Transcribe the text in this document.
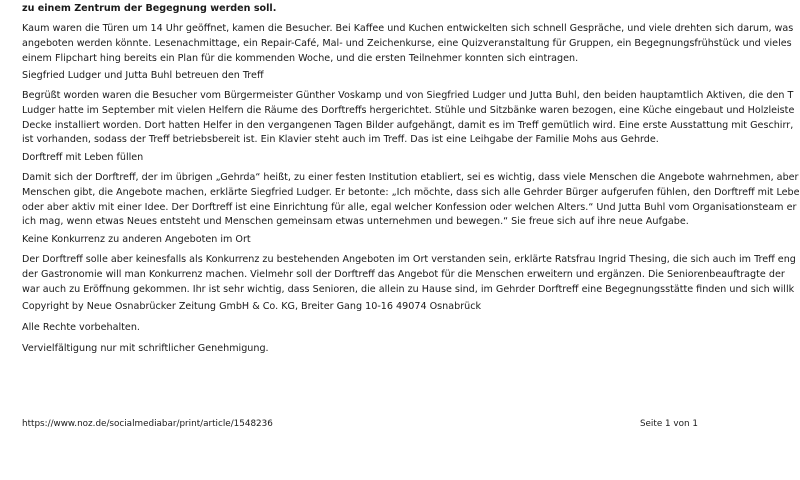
zu einem Zentrum der Begegnung werden soll.
Kaum waren die Türen um 14 Uhr geöffnet, kamen die Besucher. Bei Kaffee und Kuchen entwickelten sich schnell Gespräche, und viele drehten sich darum, was
angeboten werden könnte. Lesenachmittage, ein Repair-Café, Mal- und Zeichenkurse, eine Quizveranstaltung für Gruppen, ein Begegnungsfrühstück und vieles
einem Flipchart hing bereits ein Plan für die kommenden Woche, und die ersten Teilnehmer konnten sich eintragen.
Siegfried Ludger und Jutta Buhl betreuen den Treff
Begrüßt worden waren die Besucher vom Bürgermeister Günther Voskamp und von Siegfried Ludger und Jutta Buhl, den beiden hauptamtlich Aktiven, die den T
Ludger hatte im September mit vielen Helfern die Räume des Dorftreffs hergerichtet. Stühle und Sitzbänke waren bezogen, eine Küche eingebaut und Holzleiste
Decke installiert worden. Dort hatten Helfer in den vergangenen Tagen Bilder aufgehängt, damit es im Treff gemütlich wird. Eine erste Ausstattung mit Geschirr,
ist vorhanden, sodass der Treff betriebsbereit ist. Ein Klavier steht auch im Treff. Das ist eine Leihgabe der Familie Mohs aus Gehrde.
Dorftreff mit Leben füllen
Damit sich der Dorftreff, der im übrigen „Gehrda“ heißt, zu einer festen Institution etabliert, sei es wichtig, dass viele Menschen die Angebote wahrnehmen, aber
Menschen gibt, die Angebote machen, erklärte Siegfried Ludger. Er betonte: „Ich möchte, dass sich alle Gehrder Bürger aufgerufen fühlen, den Dorftreff mit Lebe
oder aber aktiv mit einer Idee. Der Dorftreff ist eine Einrichtung für alle, egal welcher Konfession oder welchen Alters.“ Und Jutta Buhl vom Organisationsteam er
ich mag, wenn etwas Neues entsteht und Menschen gemeinsam etwas unternehmen und bewegen.“ Sie freue sich auf ihre neue Aufgabe.
Keine Konkurrenz zu anderen Angeboten im Ort
Der Dorftreff solle aber keinesfalls als Konkurrenz zu bestehenden Angeboten im Ort verstanden sein, erklärte Ratsfrau Ingrid Thesing, die sich auch im Treff eng
der Gastronomie will man Konkurrenz machen. Vielmehr soll der Dorftreff das Angebot für die Menschen erweitern und ergänzen. Die Seniorenbeauftragte der
war auch zu Eröffnung gekommen. Ihr ist sehr wichtig, dass Senioren, die allein zu Hause sind, im Gehrder Dorftreff eine Begegnungsstätte finden und sich willk
Copyright by Neue Osnabrücker Zeitung GmbH & Co. KG, Breiter Gang 10-16 49074 Osnabrück
Alle Rechte vorbehalten.
Vervielfältigung nur mit schriftlicher Genehmigung.
https://www.noz.de/socialmediabar/print/article/1548236	Seite 1 von 1
